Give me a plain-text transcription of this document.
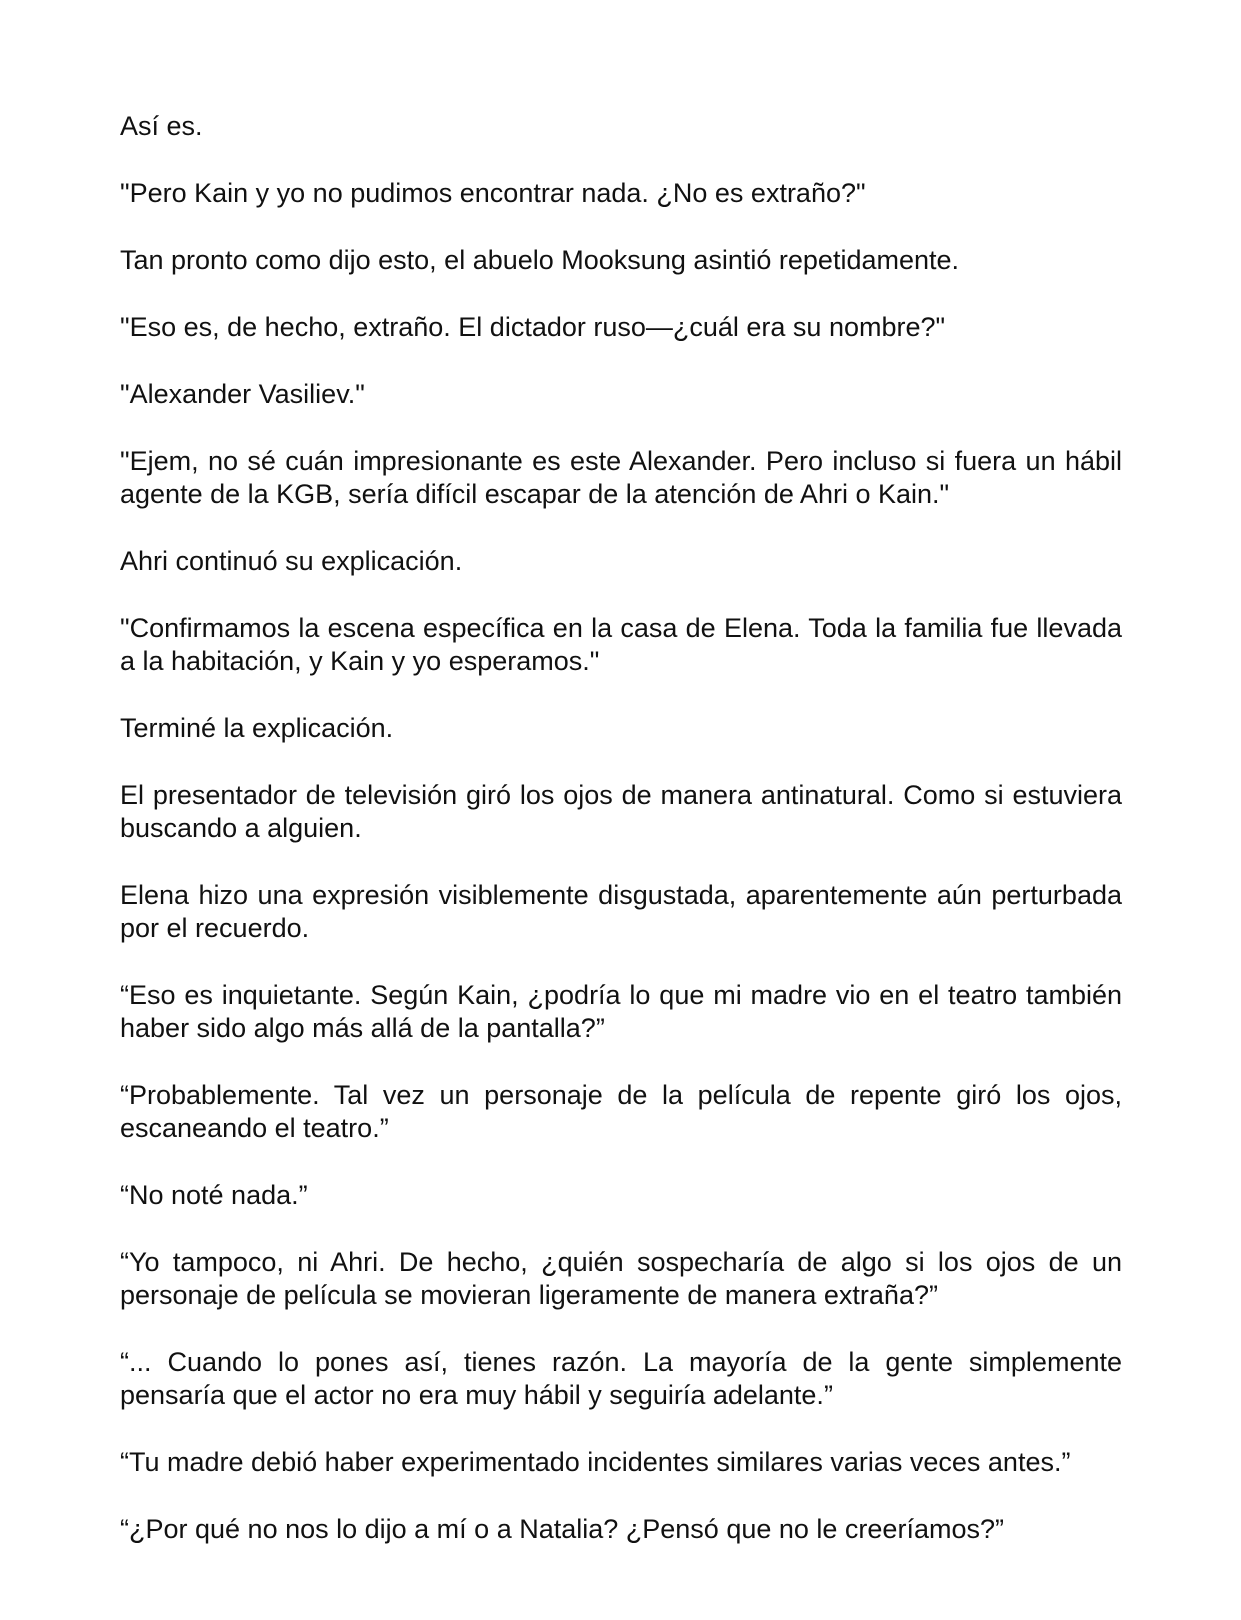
Así es.

"Pero Kain y yo no pudimos encontrar nada. ¿No es extraño?"

Tan pronto como dijo esto, el abuelo Mooksung asintió repetidamente.

"Eso es, de hecho, extraño. El dictador ruso—¿cuál era su nombre?"

"Alexander Vasiliev."

"Ejem, no sé cuán impresionante es este Alexander. Pero incluso si fuera un hábil agente de la KGB, sería difícil escapar de la atención de Ahri o Kain."

Ahri continuó su explicación.

"Confirmamos la escena específica en la casa de Elena. Toda la familia fue llevada a la habitación, y Kain y yo esperamos."

Terminé la explicación.

El presentador de televisión giró los ojos de manera antinatural. Como si estuviera buscando a alguien.

Elena hizo una expresión visiblemente disgustada, aparentemente aún perturbada por el recuerdo.

“Eso es inquietante. Según Kain, ¿podría lo que mi madre vio en el teatro también haber sido algo más allá de la pantalla?”

“Probablemente. Tal vez un personaje de la película de repente giró los ojos, escaneando el teatro.”

“No noté nada.”

“Yo tampoco, ni Ahri. De hecho, ¿quién sospecharía de algo si los ojos de un personaje de película se movieran ligeramente de manera extraña?”

“... Cuando lo pones así, tienes razón. La mayoría de la gente simplemente pensaría que el actor no era muy hábil y seguiría adelante.”

“Tu madre debió haber experimentado incidentes similares varias veces antes.”

“¿Por qué no nos lo dijo a mí o a Natalia? ¿Pensó que no le creeríamos?”
